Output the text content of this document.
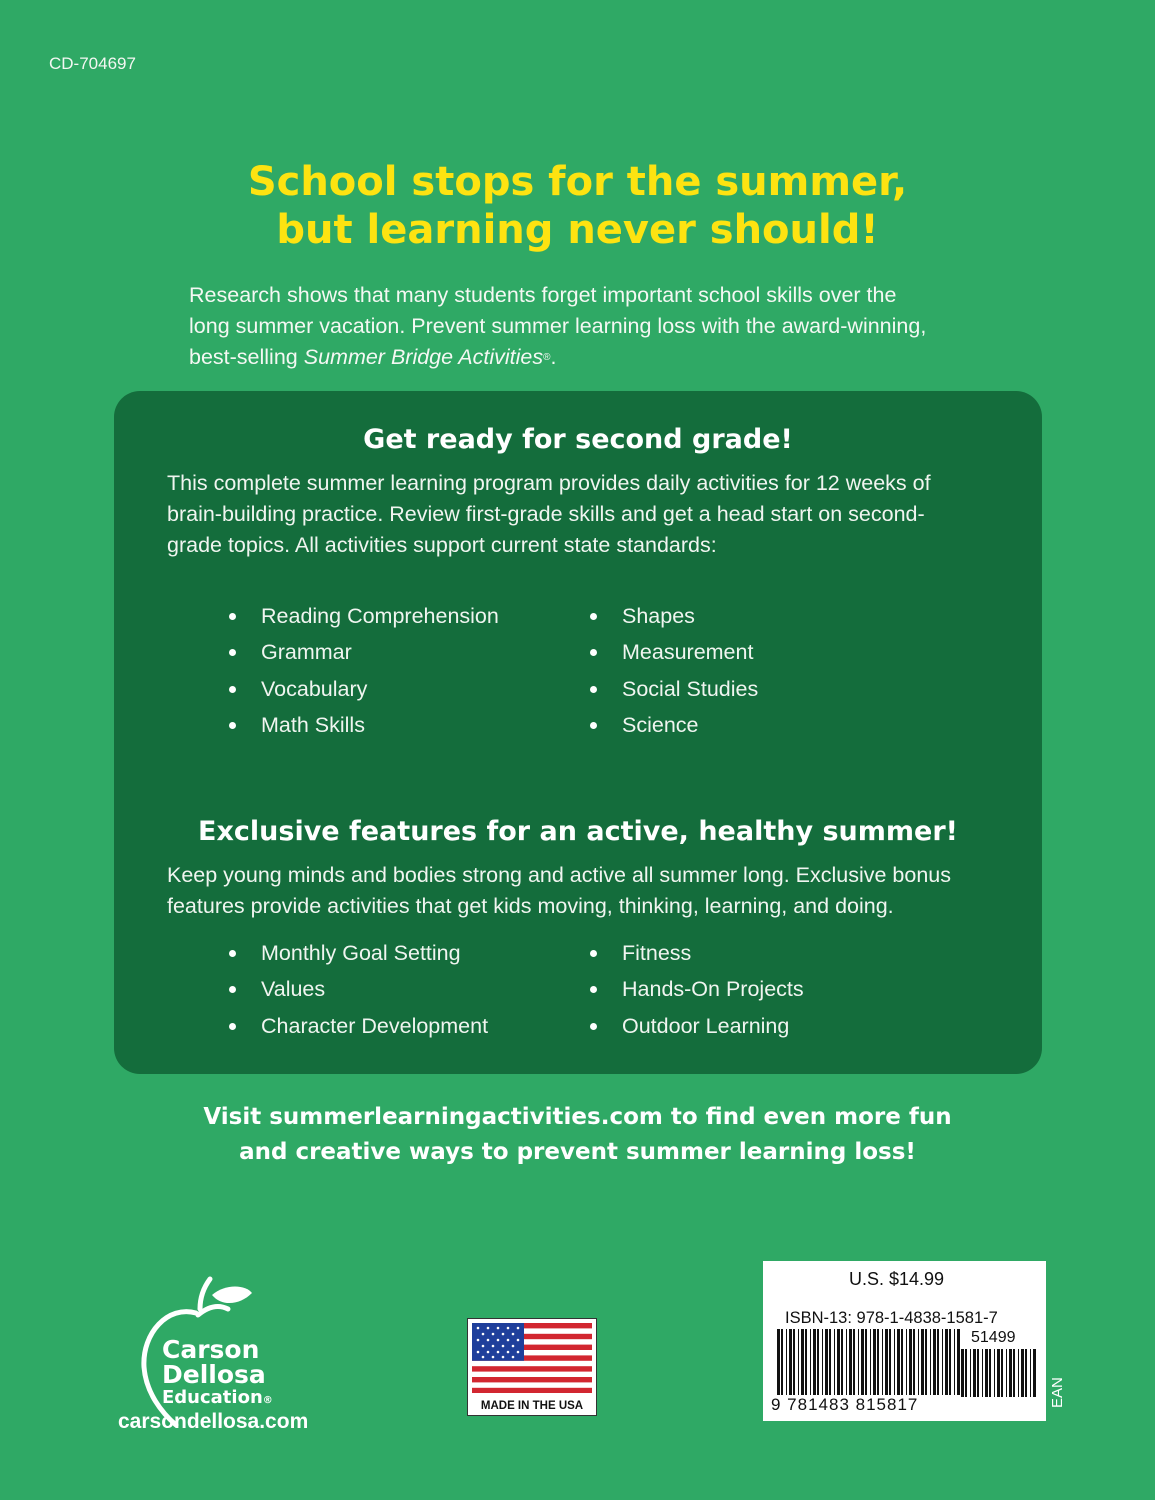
CD-704697
School stops for the summer,
but learning never should!
Research shows that many students forget important school skills over the
long summer vacation. Prevent summer learning loss with the award-winning,
best-selling Summer Bridge Activities®.
Get ready for second grade!
This complete summer learning program provides daily activities for 12 weeks of
brain-building practice. Review first-grade skills and get a head start on second-
grade topics. All activities support current state standards:
Reading Comprehension
Grammar
Vocabulary
Math Skills
Shapes
Measurement
Social Studies
Science
Exclusive features for an active, healthy summer!
Keep young minds and bodies strong and active all summer long. Exclusive bonus
features provide activities that get kids moving, thinking, learning, and doing.
Monthly Goal Setting
Values
Character Development
Fitness
Hands-On Projects
Outdoor Learning
Visit summerlearningactivities.com to find even more fun
and creative ways to prevent summer learning loss!
Carson
Dellosa
Education®
carsondellosa.com
MADE IN THE USA
U.S. $14.99
ISBN-13: 978-1-4838-1581-7
51499
9 781483 815817	EAN
